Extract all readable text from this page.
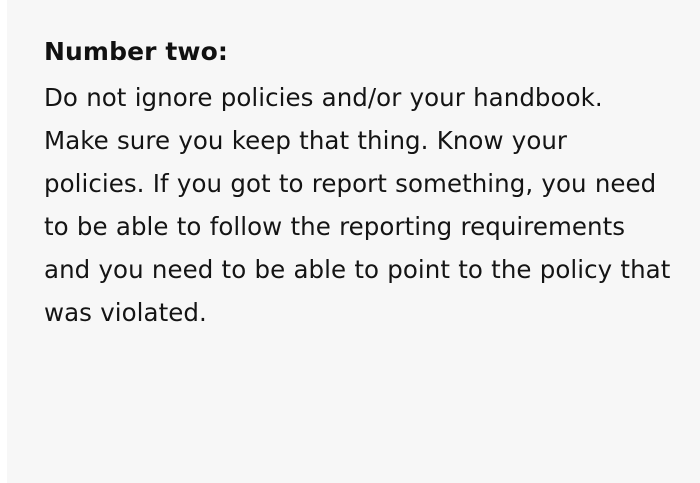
Number two:

Do not ignore policies and/or your handbook. Make sure you keep that thing. Know your policies. If you got to report something, you need to be able to follow the reporting requirements and you need to be able to point to the policy that was violated.
